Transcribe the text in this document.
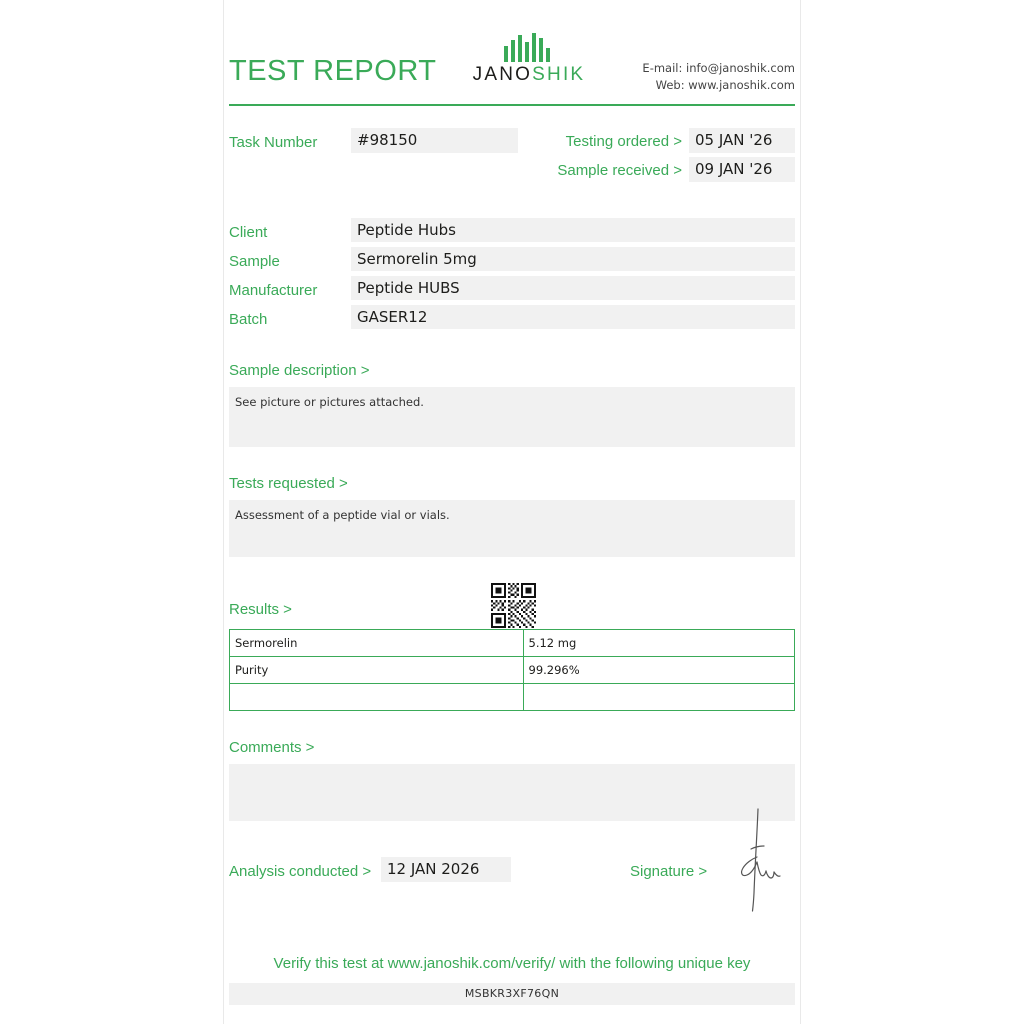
TEST REPORT JANOSHIK	E-mail: info@janoshik.com
Web: www.janoshik.com
Task Number	#98150	Testing ordered > 05 JAN '26
Sample received > 09 JAN '26
Client	Peptide Hubs
Sample	Sermorelin 5mg
Manufacturer	Peptide HUBS
Batch	GASER12
Sample description >
See picture or pictures attached.
Tests requested >
Assessment of a peptide vial or vials.
Results >
Sermorelin	5.12 mg
Purity	99.296%

Comments >
Analysis conducted >	12 JAN 2026	Signature >
Verify this test at www.janoshik.com/verify/ with the following unique key
MSBKR3XF76QN
